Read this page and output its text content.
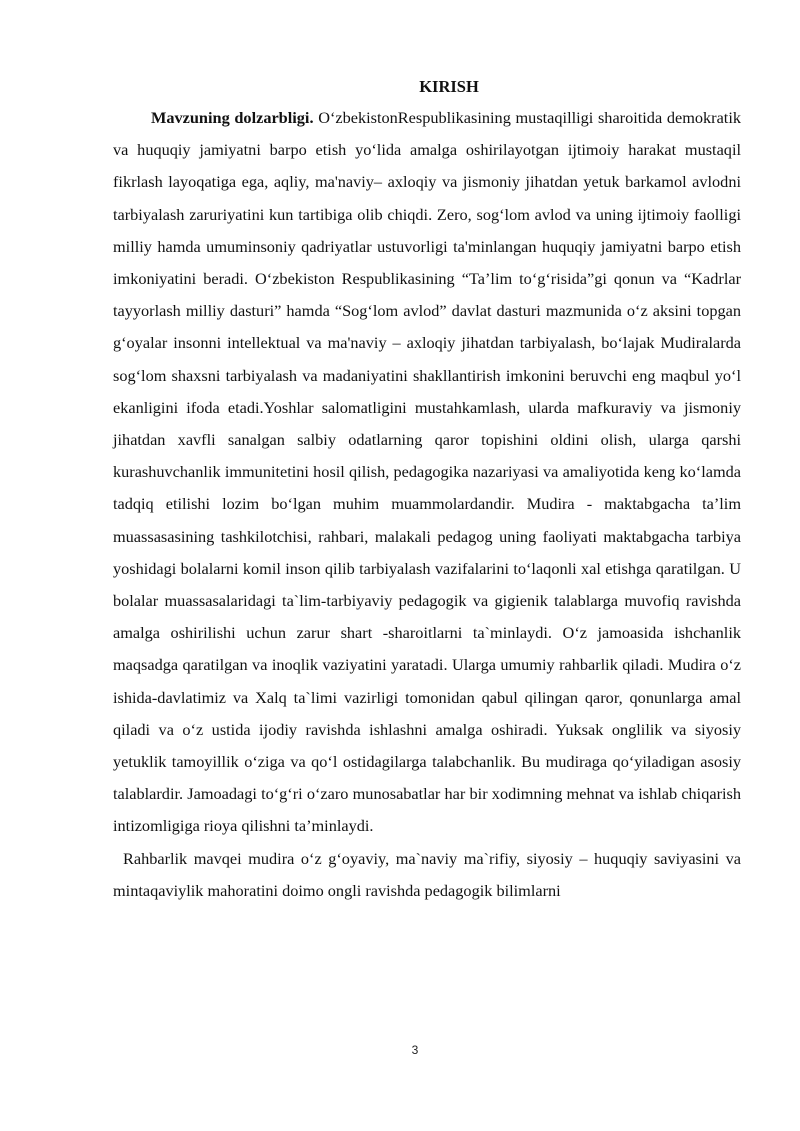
KIRISH

Mavzuning dolzarbligi. O‘zbekistonRespublikasining mustaqilligi sharoitida demokratik va huquqiy jamiyatni barpo etish yo‘lida amalga oshirilayotgan ijtimoiy harakat mustaqil fikrlash layoqatiga ega, aqliy, ma'naviy– axloqiy va jismoniy jihatdan yetuk barkamol avlodni tarbiyalash zaruriyatini kun tartibiga olib chiqdi. Zero, sog‘lom avlod va uning ijtimoiy faolligi milliy hamda umuminsoniy qadriyatlar ustuvorligi ta'minlangan huquqiy jamiyatni barpo etish imkoniyatini beradi. O‘zbekiston Respublikasining “Ta’lim to‘g‘risida”gi qonun va “Kadrlar tayyorlash milliy dasturi” hamda “Sog‘lom avlod” davlat dasturi mazmunida o‘z aksini topgan g‘oyalar insonni intellektual va ma'naviy – axloqiy jihatdan tarbiyalash, bo‘lajak Mudiralarda sog‘lom shaxsni tarbiyalash va madaniyatini shakllantirish imkonini beruvchi eng maqbul yo‘l ekanligini ifoda etadi.Yoshlar salomatligini mustahkamlash, ularda mafkuraviy va jismoniy jihatdan xavfli sanalgan salbiy odatlarning qaror topishini oldini olish, ularga qarshi kurashuvchanlik immunitetini hosil qilish, pedagogika nazariyasi va amaliyotida keng ko‘lamda tadqiq etilishi lozim bo‘lgan muhim muammolardandir. Mudira - maktabgacha ta’lim muassasasining tashkilotchisi, rahbari, malakali pedagog uning faoliyati maktabgacha tarbiya yoshidagi bolalarni komil inson qilib tarbiyalash vazifalarini to‘laqonli xal etishga qaratilgan. U bolalar muassasalaridagi ta`lim-tarbiyaviy pedagogik va gigienik talablarga muvofiq ravishda amalga oshirilishi uchun zarur shart -sharoitlarni ta`minlaydi. O‘z jamoasida ishchanlik maqsadga qaratilgan va inoqlik vaziyatini yaratadi. Ularga umumiy rahbarlik qiladi. Mudira o‘z ishida-davlatimiz va Xalq ta`limi vazirligi tomonidan qabul qilingan qaror, qonunlarga amal qiladi va o‘z ustida ijodiy ravishda ishlashni amalga oshiradi. Yuksak onglilik va siyosiy yetuklik tamoyillik o‘ziga va qo‘l ostidagilarga talabchanlik. Bu mudiraga qo‘yiladigan asosiy talablardir. Jamoadagi to‘g‘ri o‘zaro munosabatlar har bir xodimning mehnat va ishlab chiqarish intizomligiga rioya qilishni ta’minlaydi.

Rahbarlik mavqei mudira o‘z g‘oyaviy, ma`naviy ma`rifiy, siyosiy – huquqiy saviyasini va mintaqaviylik mahoratini doimo ongli ravishda pedagogik bilimlarni

3
